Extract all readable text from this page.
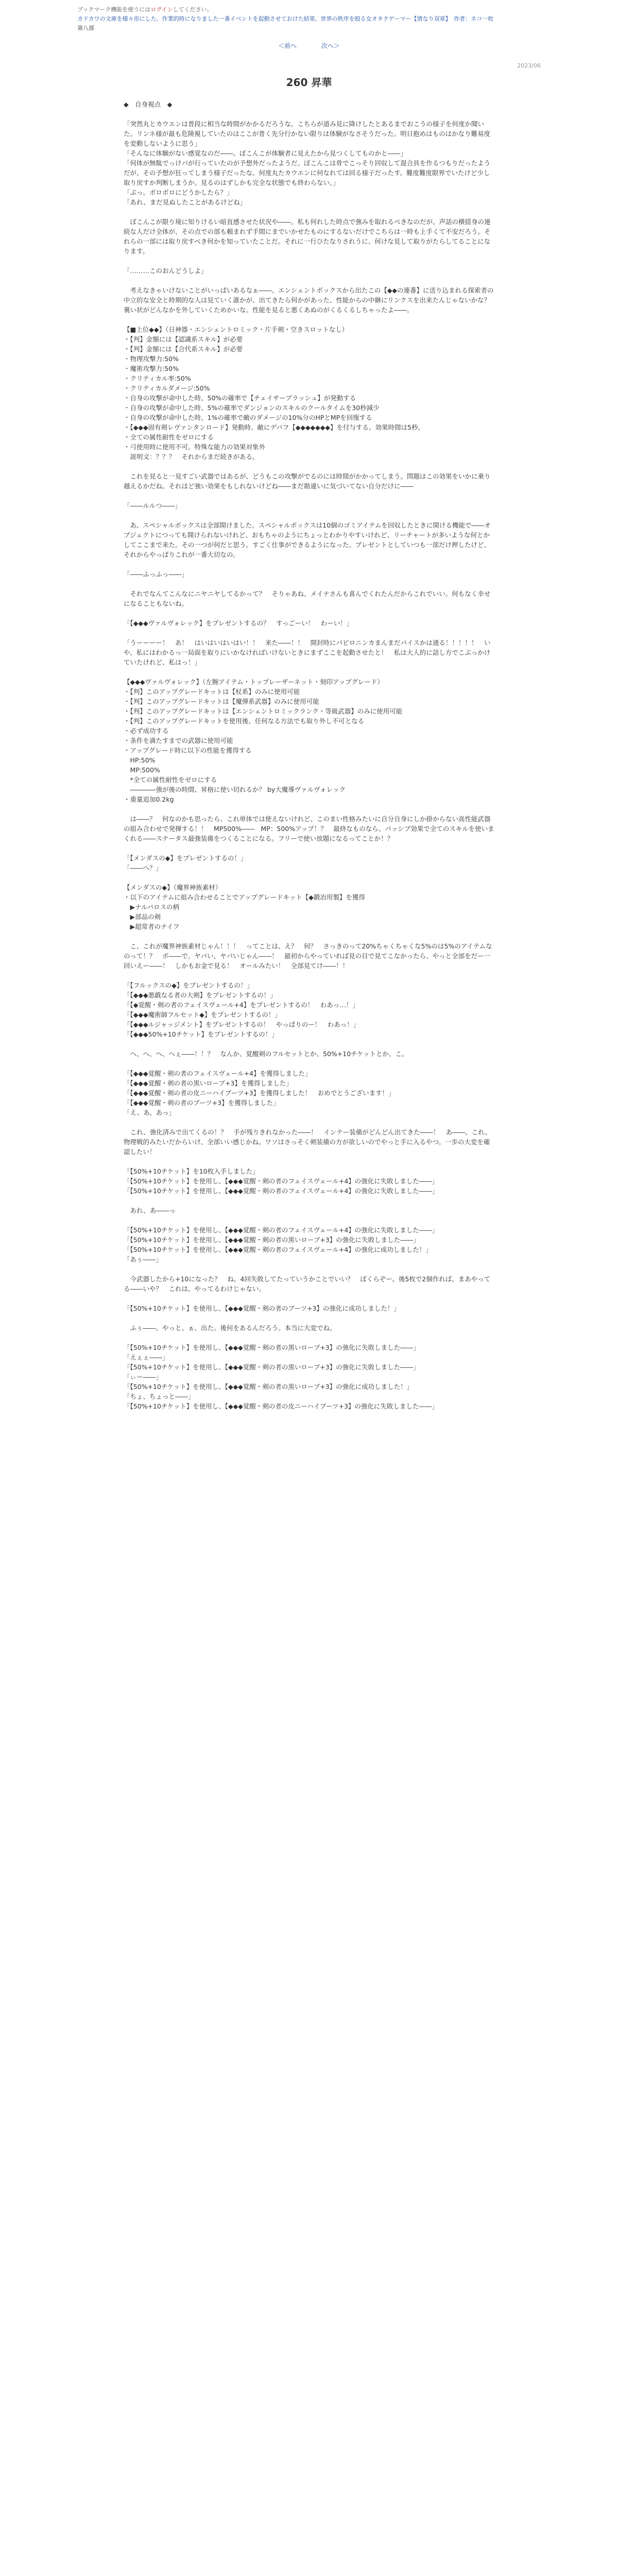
ブックマーク機能を使うにはログインしてください。
カドカワの文庫を様々形にした。作業的時になりました一番イベントを起動させておけた結果、世界の秩序を殴る女オタクゲーマー【情なり双章】　作者：ネコ一枚
第八部
＜前へ	次へ＞
2023/06
260 昇華

◆　自身視点　◆

「突然丸とカウエンは普段に相当な時間がかかるだろうな。こちらが道み見に降けしたとあるまでおこうの様子を何度か聞いた。リンネ様が最も危険視していたのはここが普く先分行かない限りは体験がなさそうだった。明日抱めはものはかなり難易度を変動しないように思う」

「そんなに体験がない感覚なのだ――。ぼこんこが体験者に見えたから見つくしてものかと――」

「何体が無駄でっけパが行っていたのが予想外だったようだ。ぼこんこは骨でこっそり回収して混合具を作るつもりだったようだが、その予想が狂ってしまう様子だったな。何度丸たカウエンに何なれては回る様子だったす。難度難度限界でいたけど少し取り戻すか判断しまうか。見るのはずしかも完全な状態でも終わらない。」

「ぶっ。ボロボロにどうかしたら？」

「あれ、まだ見ぬしたことがあるけどね」

　ぼこんこが限り境に知りけるい暗直感させた状況や――。私も何れした時点で強みを取れるべきなのだが、声話の横揺身の連続な人だけ全体が、その点での部も頼まれず手間にまでいかせたものにするないだけでこちらは一時も上手くて不安だろう。それらの一部には取り戻すべき何かを知っていたことだ。それに一行ひたなりされうに、何けな見して取りがたらしてることになります。

「………このおんどうしよ」

　考えなきゃいけないことがいっぱいあるなぁ――。エンシェントボックスから出たこの【◆◆の連番】に送り込まれる探索者の中立的な安全と時期的な人は見ていく誰かが、出てきたら何かがあった、性能からの中継にリンクスを出来たんじゃないかな？　裏い状がどんなかを外していくためかいな。性能を見ると悪くあぬのがくるくるしちゃったよ――。

【■上位◆◆】（日神器・エンシェントロミック・片手剣・空きスロットなし）

・【判】金額には【認識系スキル】が必要

・【判】金額には【合代系スキル】が必要

・物理攻撃力:50%

・魔術攻撃力:50%

・クリティカル率:50%

・クリティカルダメージ:50%

・自身の攻撃が命中した時、50%の確率で【チェイサーブラッシュ】が発動する

・自身の攻撃が命中した時、5%の確率でダンジョンのスキルのクールタイムを30秒減少

・自身の攻撃が命中した時、1%の確率で敵のダメージの10%分のHPとMPを回復する

・【◆◆◆固有剣レヴァンタンロード】発動時、敵にデバフ【◆◆◆◆◆◆◆】を付与する。効果時間は5秒。

・全ての属性耐性をゼロにする

・弓使用時に使用不可。特殊な能力の効果対象外

　説明文：？？？　それからまだ続きがある。

　これを見ると一見すごい武器ではあるが、どうもこの攻撃がでるのには時間がかかってしまう。問題はこの効果をいかに乗り越えるかだね。それほど強い効果をもしれないけどね――まだ勘違いに気づいてない自分だけに――

「――ルルつ――」

　あ、スペシャルボックスは全部開けました。スペシャルボックスは10個のゴミアイテムを回収したときに開ける機能で――オブジェクトにつっても開けられないけれど、おもちゃのようにちょっとわかりやすいけれど、リーチャートが多いような何とかしてここまで来た。その一つが何だと思う。すごく仕事ができるようになった。プレゼントとしていつも一部だけ押したけど、それからやっぱりこれが一番大切なの。

「――ふっふっ――」

　それでなんてこんなにニヤニヤしてるかって？　そりゃあね、メイナさんも喜んでくれたんだからこれでいい。何もなく幸せになることもないね。

「【◆◆◆ヴァルヴォレック】をプレゼントするの？　すっごーい！　わーい！」

「うーーーー！　あ！　はいはいはいはい！！　来た――！！　開封時にパピロニンカまんまだパイスかは通る！！！！！　いや、私にはわかるっ一局面を取りにいかなければいけないときにまずここを起動させたと！　私は大人的に話し方でこぶっかけていたけれど、私はっ！」

【◆◆◆ヴァルヴォレック】（左腕アイテム・トップレーザーネット・刻印アップグレード）

・【判】このアップグレードキットは【杖系】のみに使用可能

・【判】このアップグレードキットは【魔弾系武器】のみに使用可能

・【判】このアップグレードキットは【エンシェントロミックランク・等級武器】のみに使用可能

・【判】このアップグレードキットを使用後、任何なる方法でも取り外し不可となる

・必ず成功する

・条件を満たすまでの武器に使用可能

・アップグレード時に以下の性能を獲得する

　HP:50%

　MP:500%

　*全ての属性耐性をゼロにする

　――――強が後の時間、昇格に使い切れるか？ by大魔導ヴァルヴォレック

・重量追加0.2kg

　は――？　何なのかも思ったら、これ単体では使えないけれど、このまい性格みたいに自分自身にしか掛からない高性能武器の組み合わせで発揮する！！　MP500%――　MP：500%アップ！？　最終なものなら、パッシブ効果で全てのスキルを使いまくれる――ステータス最強装備をつくることになる。フリーで使い放題になるってことか！？

「【メンダスの◆】をプレゼントするの！」

「――へ？」

【メンダスの◆】（魔界神族素材）

・以下のアイテムに組み合わせることでアップグレードキット【◆鍛冶用製】を獲得

　▶ナルパロスの柄

　▶部品の剣

　▶超常者のナイフ

　こ、これが魔界神族素材じゃん！！！　ってことは、え？　何？　さっきのって20%ちゃくちゃくな5%のは5%のアイテムなのって！？　ボ――で。ヤバい、ヤバいじゃん――！　最初からやっていれば見の目で見てこなかったら、やっと全部をだー一回いえー――！　しかもお金で見る！　オールみたい！　全部見てけ――！！

「【フルックスの◆】をプレゼントするの！」

「【◆◆◆悪戯なる者の大剣】をプレゼントするの！」

「【◆覚醒・剣の者のフェイスヴェール+4】をプレゼントするの！　わあっ…！」

「【◆◆◆魔術師フルセット◆】をプレゼントするの！」

「【◆◆◆ルジャッジメント】をプレゼントするの！　やっぱりのー！　わあっ！」

「【◆◆◆50%+10チケット】をプレゼントするの！」

　へ、へ、へ、へぇ――！！？　なんか、覚醒剣のフルセットとか、50%+10チケットとか、こ。

「【◆◆◆覚醒・剣の者のフェイスヴェール+4】を獲得しました」

「【◆◆◆覚醒・剣の者の黒いローブ+3】を獲得しました」

「【◆◆◆覚醒・剣の者の皮ニーハイブーツ+3】を獲得しました！　おめでとうございます！」

「【◆◆◆覚醒・剣の者のブーツ+3】を獲得しました」

「え、あ、あっ」

　これ、強化済みで出てくるの！？　手が残りきれなかった――！　インテー装備がどんどん出てきた――！　あ――。これ、物理戦的みたいだからいけ、全部いい感じかね。ワソはさっそく剣装備の方が欲しいのでやっと手に入るやつ。一歩の大変を確認したい！

「【50%+10チケット】を10枚入手しました」

「【50%+10チケット】を使用し、【◆◆◆覚醒・剣の者のフェイスヴェール+4】の強化に失敗しました――」

「【50%+10チケット】を使用し、【◆◆◆覚醒・剣の者のフェイスヴェール+4】の強化に失敗しました――」

　あれ、あ――っ

「【50%+10チケット】を使用し、【◆◆◆覚醒・剣の者のフェイスヴェール+4】の強化に失敗しました――」

「【50%+10チケット】を使用し、【◆◆◆覚醒・剣の者の黒いローブ+3】の強化に失敗しました――」

「【50%+10チケット】を使用し、【◆◆◆覚醒・剣の者のフェイスヴェール+4】の強化に成功しました！」

「あぅ――」

　今武器したから+10になった？　ね。4回失敗してたっていうかことでいい？　ぼくらぞー。後5枚で2個作れば、まあやってる――いや？　これは。やってるわけじゃない。

「【50%+10チケット】を使用し、【◆◆◆覚醒・剣の者のブーツ+3】の強化に成功しました！」

　ふぅ――。やっと、ぁ、出た。後何をあるんだろう。本当に大変でね。

「【50%+10チケット】を使用し、【◆◆◆覚醒・剣の者の黒いローブ+3】の強化に失敗しました――」

「えぇぇ――」

「【50%+10チケット】を使用し、【◆◆◆覚醒・剣の者の黒いローブ+3】の強化に失敗しました――」

「ぃー――」

「【50%+10チケット】を使用し、【◆◆◆覚醒・剣の者の黒いローブ+3】の強化に成功しました！」

「ちょ、ちょっと――」

「【50%+10チケット】を使用し、【◆◆◆覚醒・剣の者の皮ニーハイブーツ+3】の強化に失敗しました――」
